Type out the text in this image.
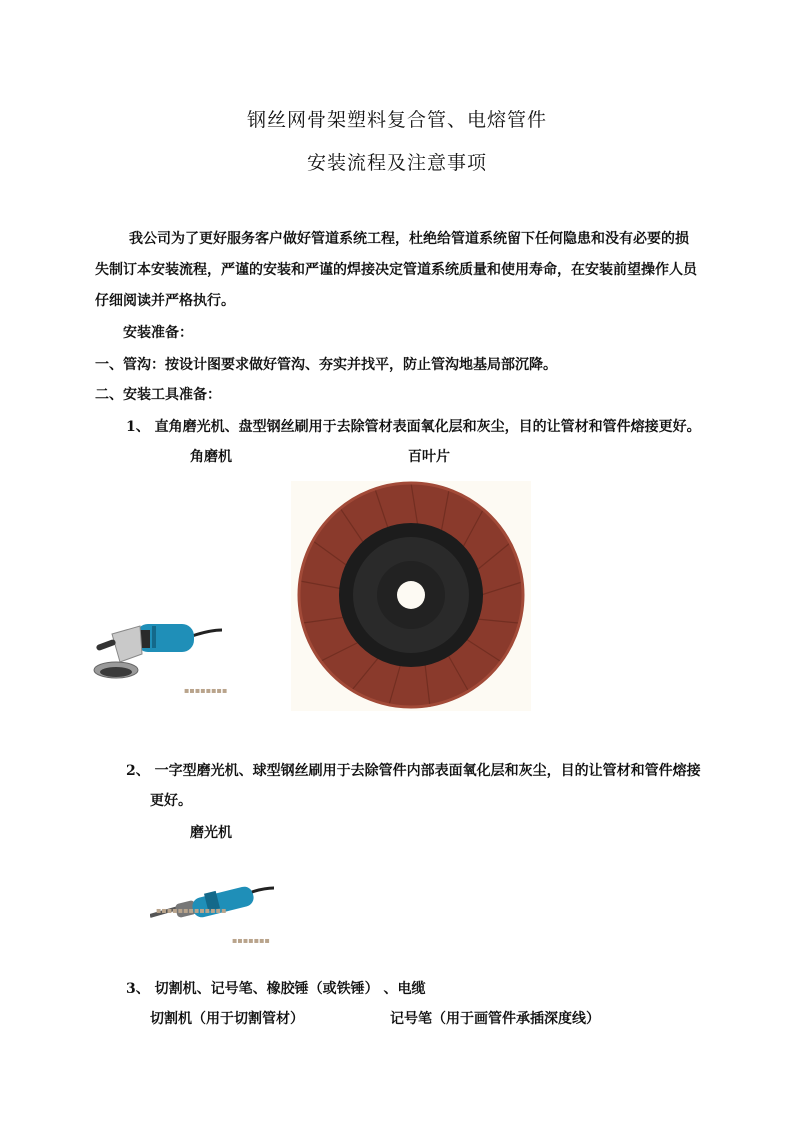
钢丝网骨架塑料复合管、电熔管件
安装流程及注意事项
我公司为了更好服务客户做好管道系统工程，杜绝给管道系统留下任何隐患和没有必要的损失制订本安装流程，严谨的安装和严谨的焊接决定管道系统质量和使用寿命，在安装前望操作人员仔细阅读并严格执行。
安装准备：
一、管沟：按设计图要求做好管沟、夯实并找平，防止管沟地基局部沉降。
二、安装工具准备：
1、 直角磨光机、盘型钢丝刷用于去除管材表面氧化层和灰尘，目的让管材和管件熔接更好。
角磨机	百叶片
▪▪▪▪▪▪▪▪
2、 一字型磨光机、球型钢丝刷用于去除管件内部表面氧化层和灰尘，目的让管材和管件熔接
更好。
磨光机
▪▪▪▪▪▪▪▪▪▪▪▪▪
▪▪▪▪▪▪▪
3、 切割机、记号笔、橡胶锤（或铁锤） 、电缆
切割机（用于切割管材）	记号笔（用于画管件承插深度线）
